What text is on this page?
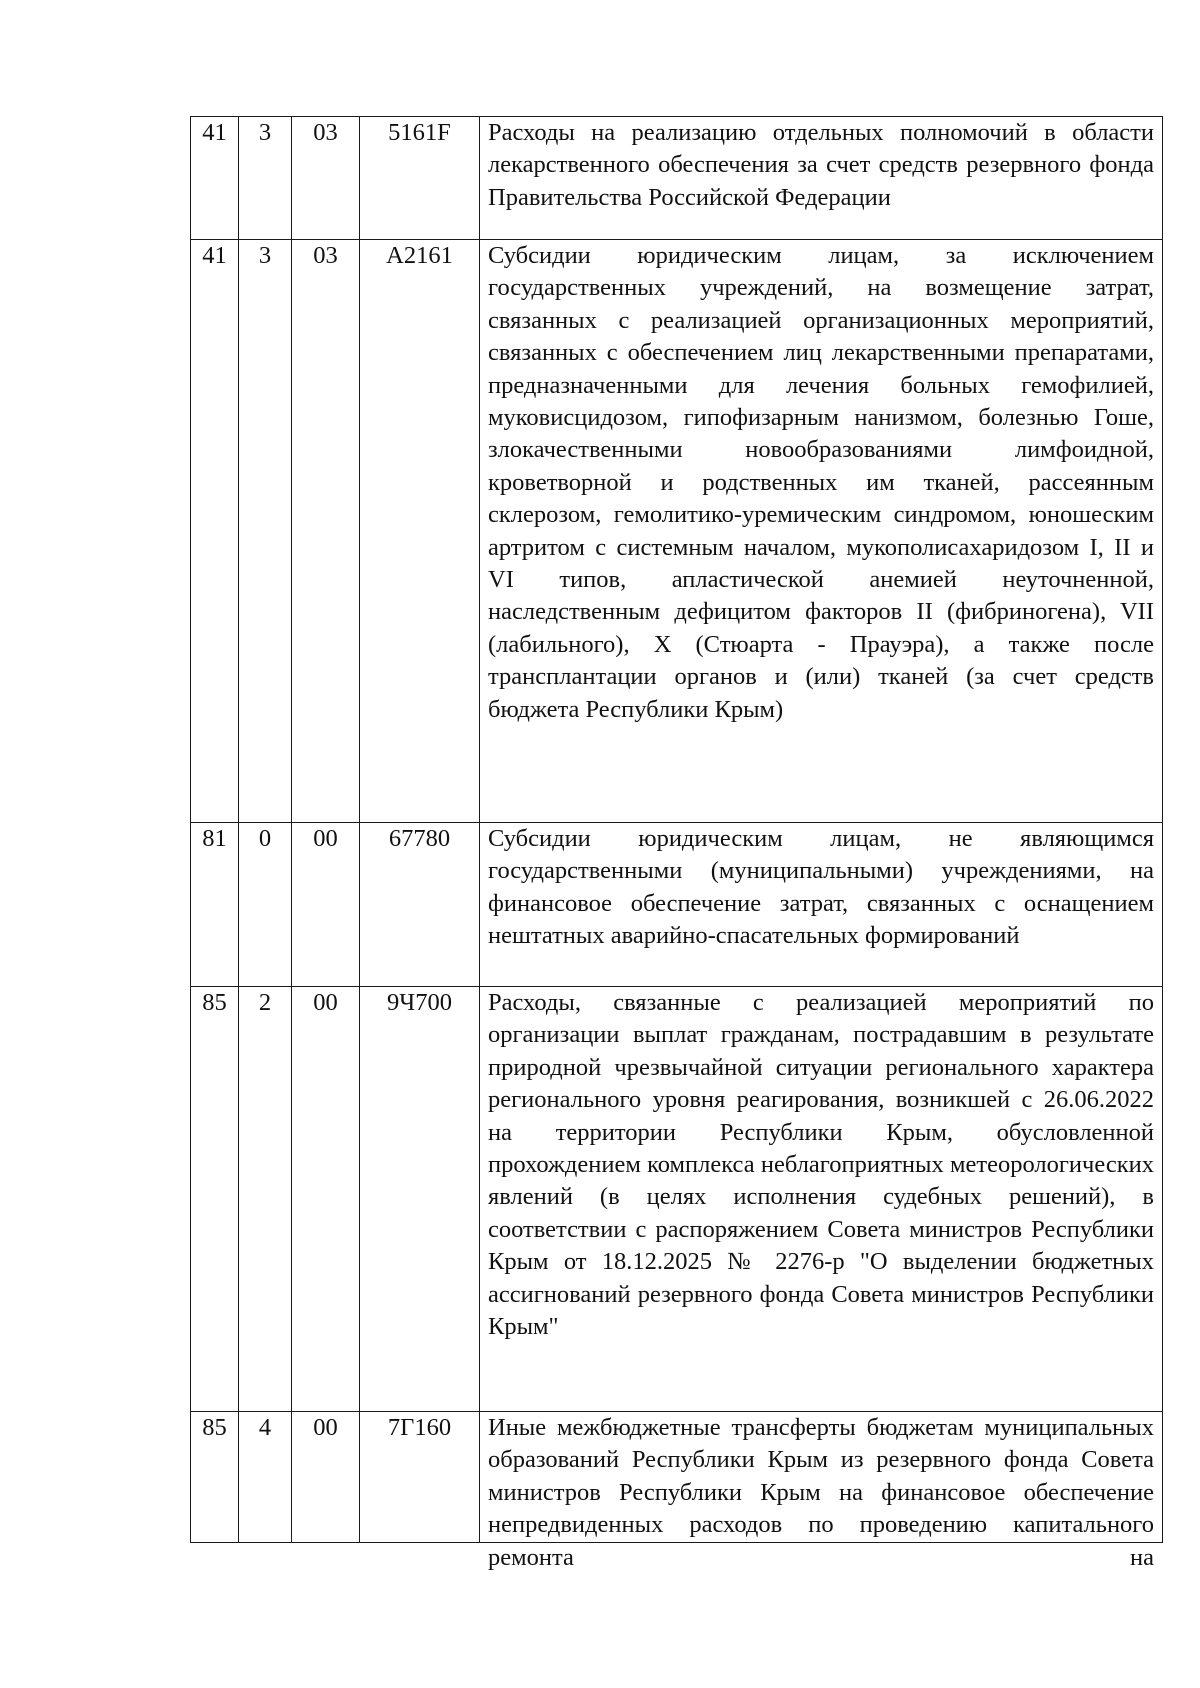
41	3	03	5161F	Расходы на реализацию отдельных полномочий в области лекарственного обеспечения за счет средств резервного фонда Правительства Российской Федерации

41	3	03	А2161	Субсидии юридическим лицам, за исключением государственных учреждений, на возмещение затрат, связанных с реализацией организационных мероприятий, связанных с обеспечением лиц лекарственными препаратами, предназначенными для лечения больных гемофилией, муковисцидозом, гипофизарным нанизмом, болезнью Гоше, злокачественными новообразованиями лимфоидной, кроветворной и родственных им тканей, рассеянным склерозом, гемолитико-уремическим синдромом, юношеским артритом с системным началом, мукополисахаридозом I, II и VI типов, апластической анемией неуточненной, наследственным дефицитом факторов II (фибриногена), VII (лабильного), X (Стюарта - Прауэра), а также после трансплантации органов и (или) тканей (за счет средств бюджета Республики Крым)

81	0	00	67780	Субсидии юридическим лицам, не являющимся государственными (муниципальными) учреждениями, на финансовое обеспечение затрат, связанных с оснащением нештатных аварийно-спасательных формирований

85	2	00	9Ч700	Расходы, связанные с реализацией мероприятий по организации выплат гражданам, пострадавшим в результате природной чрезвычайной ситуации регионального характера регионального уровня реагирования, возникшей с 26.06.2022 на территории Республики Крым, обусловленной прохождением комплекса неблагоприятных метеорологических явлений (в целях исполнения судебных решений), в соответствии с распоряжением Совета министров Республики Крым от 18.12.2025 № 2276-р "О выделении бюджетных ассигнований резервного фонда Совета министров Республики Крым"

85	4	00	7Г160	Иные межбюджетные трансферты бюджетам муниципальных образований Республики Крым из резервного фонда Совета министров Республики Крым на финансовое обеспечение непредвиденных расходов по проведению капитального ремонта на
